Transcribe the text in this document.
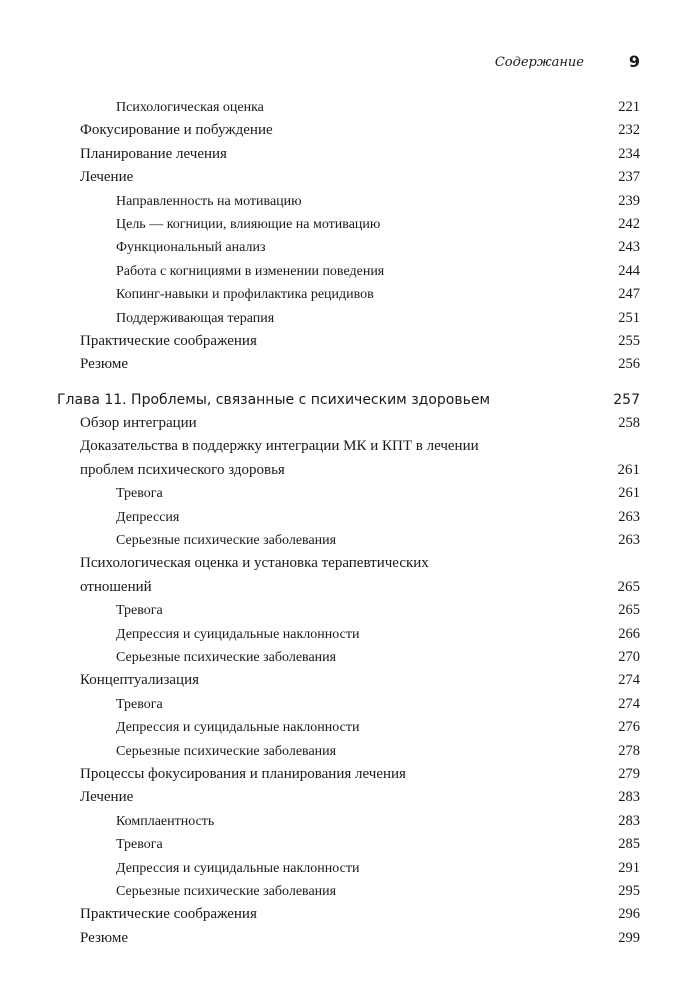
Содержание	9
Психологическая оценка	221
Фокусирование и побуждение	232
Планирование лечения	234
Лечение	237
Направленность на мотивацию	239
Цель — когниции, влияющие на мотивацию	242
Функциональный анализ	243
Работа с когнициями в изменении поведения	244
Копинг-навыки и профилактика рецидивов	247
Поддерживающая терапия	251
Практические соображения	255
Резюме	256
Глава 11. Проблемы, связанные с психическим здоровьем	257
Обзор интеграции	258
Доказательства в поддержку интеграции МК и КПТ в лечении
проблем психического здоровья	261
Тревога	261
Депрессия	263
Серьезные психические заболевания	263
Психологическая оценка и установка терапевтических
отношений	265
Тревога	265
Депрессия и суицидальные наклонности	266
Серьезные психические заболевания	270
Концептуализация	274
Тревога	274
Депрессия и суицидальные наклонности	276
Серьезные психические заболевания	278
Процессы фокусирования и планирования лечения	279
Лечение	283
Комплаентность	283
Тревога	285
Депрессия и суицидальные наклонности	291
Серьезные психические заболевания	295
Практические соображения	296
Резюме	299
